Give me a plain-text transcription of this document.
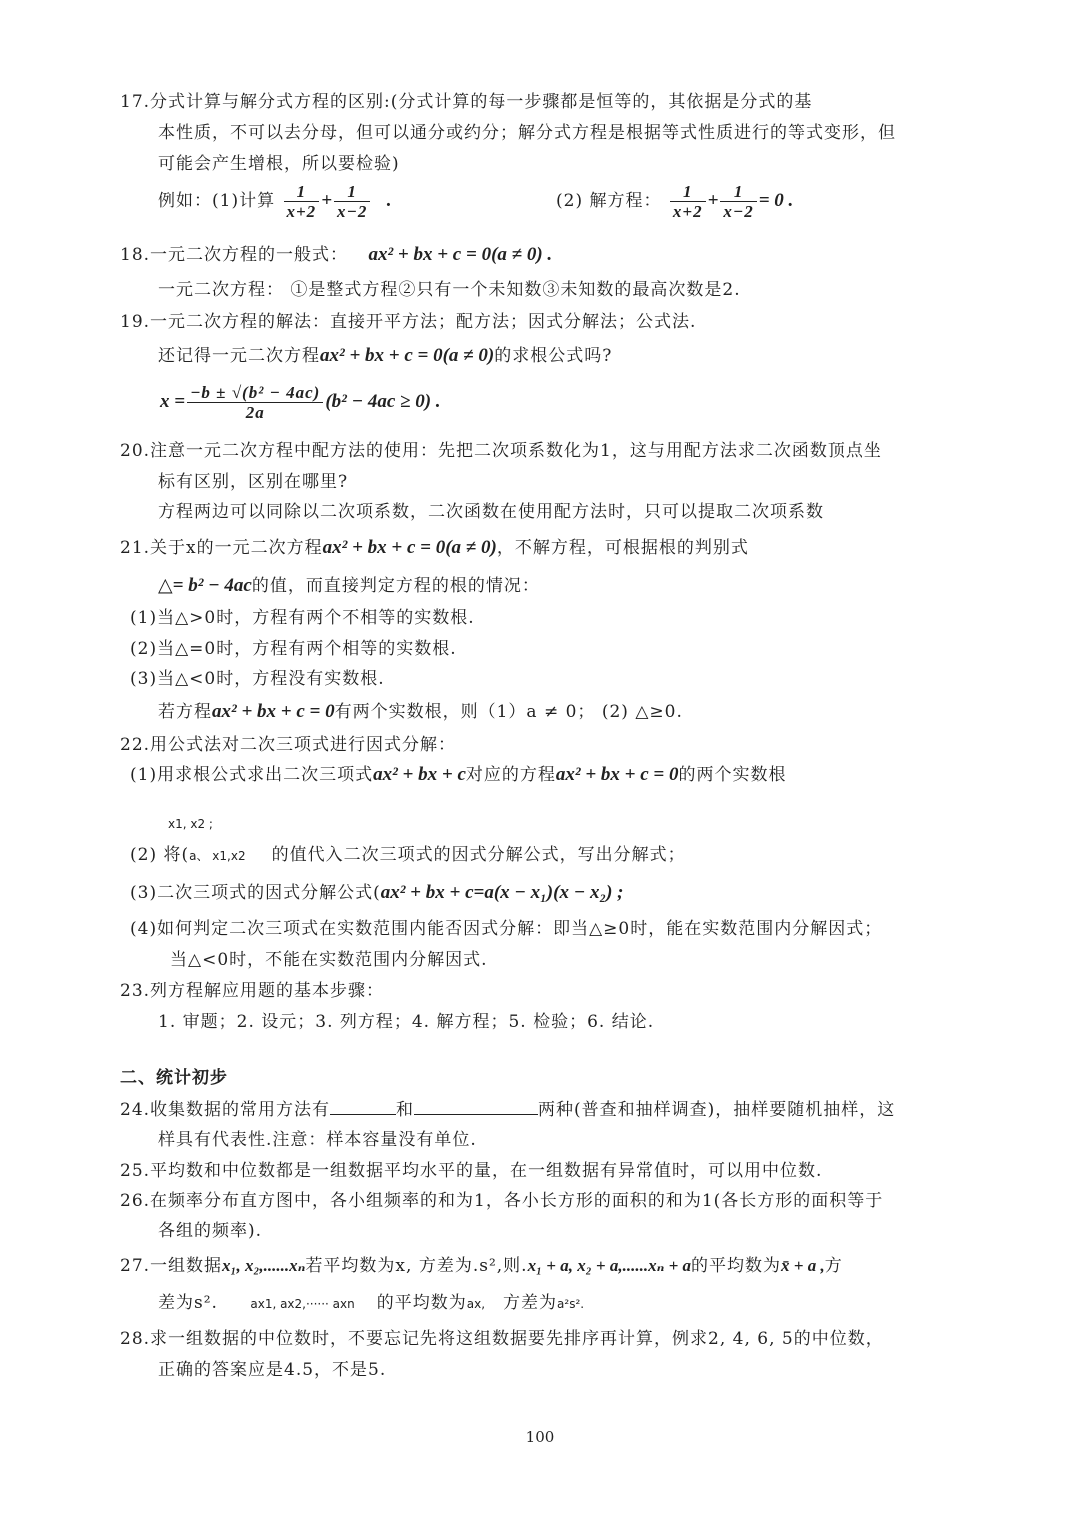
17.分式计算与解分式方程的区别:(分式计算的每一步骤都是恒等的，其依据是分式的基
本性质，不可以去分母，但可以通分或约分；解分式方程是根据等式性质进行的等式变形，但
可能会产生增根，所以要检验)
例如：(1)计算 $\frac{1}{x+2} + \frac{1}{x-2}$ .	(2) 解方程： $\frac{1}{x+2} + \frac{1}{x-2} = 0$ .
18.一元二次方程的一般式： ax² + bx + c = 0(a ≠ 0) .
一元二次方程： ①是整式方程②只有一个未知数③未知数的最高次数是2.
19.一元二次方程的解法：直接开平方法；配方法；因式分解法；公式法.
还记得一元二次方程ax² + bx + c = 0(a ≠ 0)的求根公式吗?
$x = \frac{\text{−b ± √(b² − 4ac)}}{2a} (b^2 - 4ac \ge 0)$ .
20.注意一元二次方程中配方法的使用：先把二次项系数化为1，这与用配方法求二次函数顶点坐
标有区别，区别在哪里?
方程两边可以同除以二次项系数，二次函数在使用配方法时，只可以提取二次项系数
21.关于x的一元二次方程ax² + bx + c = 0(a ≠ 0)，不解方程，可根据根的判别式
△= b² − 4ac的值，而直接判定方程的根的情况：
(1)当△>0时，方程有两个不相等的实数根.
(2)当△=0时，方程有两个相等的实数根.
(3)当△<0时，方程没有实数根.
若方程ax² + bx + c = 0有两个实数根，则（1）a ≠ 0； (2) △≥0.
22.用公式法对二次三项式进行因式分解：
(1)用求根公式求出二次三项式ax² + bx + c对应的方程ax² + bx + c = 0的两个实数根
x1, x2 ;
(2) 将(a、 x1,x2 的值代入二次三项式的因式分解公式，写出分解式；
(3)二次三项式的因式分解公式(ax² + bx + c=a(x − x₁)(x − x₂) ;
(4)如何判定二次三项式在实数范围内能否因式分解：即当△≥0时，能在实数范围内分解因式；
当△<0时，不能在实数范围内分解因式.
23.列方程解应用题的基本步骤：
1. 审题；2. 设元；3. 列方程；4. 解方程；5. 检验；6. 结论.
二、统计初步
24.收集数据的常用方法有	和	两种(普查和抽样调查)，抽样要随机抽样，这
样具有代表性.注意：样本容量没有单位.
25.平均数和中位数都是一组数据平均水平的量，在一组数据有异常值时，可以用中位数.
26.在频率分布直方图中，各小组频率的和为1，各小长方形的面积的和为1(各长方形的面积等于
各组的频率).
27.一组数据x₁, x₂,......xₙ若平均数为x, 方差为.s²,则.x₁ + a, x₂ + a,......xₙ + a的平均数为x̄ + a ,方
差为s².	ax1, ax2,······ axn 的平均数为ax, 方差为a²s².
28.求一组数据的中位数时，不要忘记先将这组数据要先排序再计算，例求2, 4, 6, 5的中位数，
正确的答案应是4.5，不是5.
100
